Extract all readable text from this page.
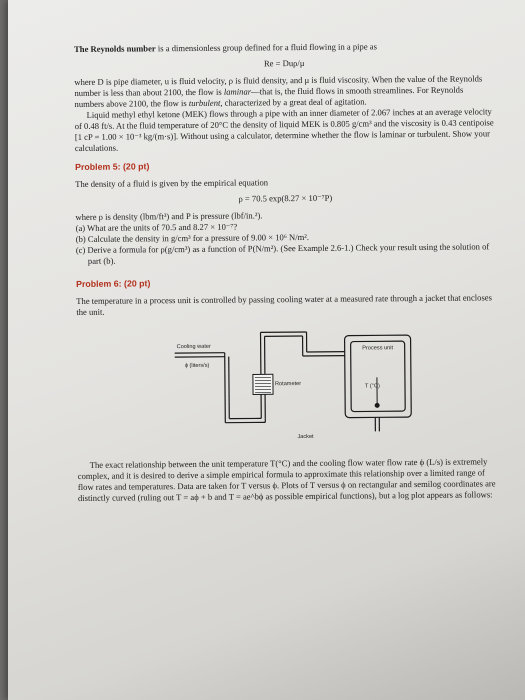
The Reynolds number is a dimensionless group defined for a fluid flowing in a pipe as

Re = Duρ/μ

where D is pipe diameter, u is fluid velocity, ρ is fluid density, and μ is fluid viscosity. When the value of the Reynolds number is less than about 2100, the flow is laminar—that is, the fluid flows in smooth streamlines. For Reynolds numbers above 2100, the flow is turbulent, characterized by a great deal of agitation.

Liquid methyl ethyl ketone (MEK) flows through a pipe with an inner diameter of 2.067 inches at an average velocity of 0.48 ft/s. At the fluid temperature of 20°C the density of liquid MEK is 0.805 g/cm³ and the viscosity is 0.43 centipoise [1 cP = 1.00 × 10⁻³ kg/(m·s)]. Without using a calculator, determine whether the flow is laminar or turbulent. Show your calculations.

Problem 5: (20 pt)

The density of a fluid is given by the empirical equation

ρ = 70.5 exp(8.27 × 10⁻⁷P)

where ρ is density (lbm/ft³) and P is pressure (lbf/in.²).

(a) What are the units of 70.5 and 8.27 × 10⁻⁷?

(b) Calculate the density in g/cm³ for a pressure of 9.00 × 10⁶ N/m².

(c) Derive a formula for ρ(g/cm³) as a function of P(N/m²). (See Example 2.6-1.) Check your result using the solution of part (b).

Problem 6: (20 pt)

The temperature in a process unit is controlled by passing cooling water at a measured rate through a jacket that encloses the unit.

Cooling water
ϕ (liters/s)
Rotameter
Process unit
T (°C)
Jacket

The exact relationship between the unit temperature T(°C) and the cooling flow water flow rate ϕ (L/s) is extremely complex, and it is desired to derive a simple empirical formula to approximate this relationship over a limited range of flow rates and temperatures. Data are taken for T versus ϕ. Plots of T versus ϕ on rectangular and semilog coordinates are distinctly curved (ruling out T = aϕ + b and T = ae^bϕ as possible empirical functions), but a log plot appears as follows:
